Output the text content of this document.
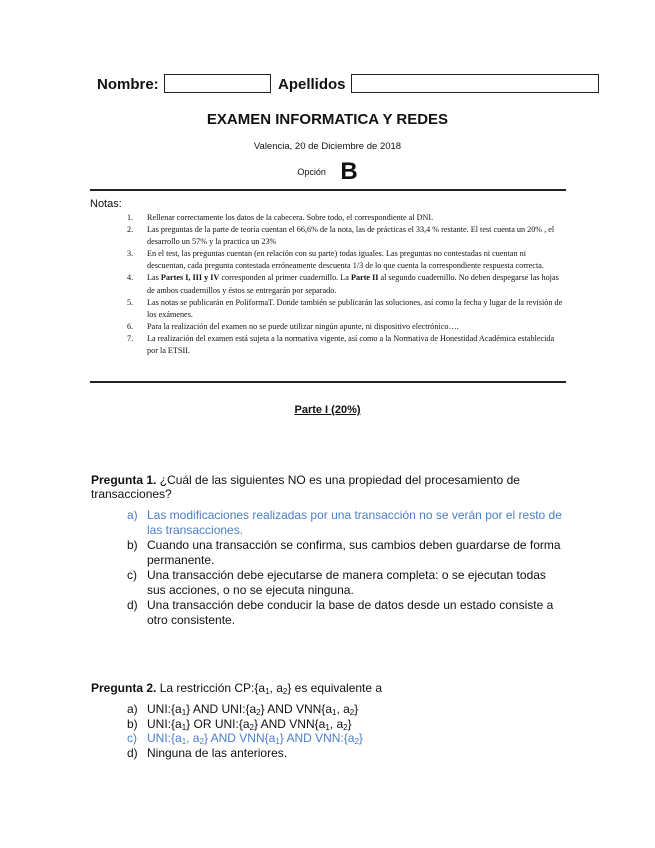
Nombre:	Apellidos
EXAMEN INFORMATICA Y REDES
Valencia, 20 de Diciembre de 2018
Opción B
Notas:
1. Rellenar correctamente los datos de la cabecera. Sobre todo, el correspondiente al DNI.
2. Las preguntas de la parte de teoría cuentan el 66,6% de la nota, las de prácticas el 33,4 % restante. El test cuenta un 20% , el desarrollo un 57% y la practica un 23%
3. En el test, las preguntas cuentan (en relación con su parte) todas iguales. Las preguntas no contestadas ni cuentan ni descuentan, cada pregunta contestada erróneamente descuenta 1/3 de lo que cuenta la correspondiente respuesta correcta.
4. Las Partes I, III y IV corresponden al primer cuadernillo. La Parte II al segundo cuadernillo. No deben despegarse las hojas de ambos cuadernillos y éstos se entregarán por separado.
5. Las notas se publicarán en PoliformaT. Donde también se publicarán las soluciones, así como la fecha y lugar de la revisión de los exámenes.
6. Para la realización del examen no se puede utilizar ningún apunte, ni dispositivo electrónico….
7. La realización del examen está sujeta a la normativa vigente, así como a la Normativa de Honestidad Académica establecida por la ETSII.
Parte I (20%)
Pregunta 1. ¿Cuál de las siguientes NO es una propiedad del procesamiento de transacciones?
a) Las modificaciones realizadas por una transacción no se verán por el resto de las transacciones.
b) Cuando una transacción se confirma, sus cambios deben guardarse de forma permanente.
c) Una transacción debe ejecutarse de manera completa: o se ejecutan todas sus acciones, o no se ejecuta ninguna.
d) Una transacción debe conducir la base de datos desde un estado consiste a otro consistente.
Pregunta 2. La restricción $CP:\{a_1$, $a_2$} es equivalente a
a) $UNI:\{a_1\}$ AND $UNI:\{a_2\}$ AND $VNN\{a_1$, $a_2$}
b) $UNI:\{a_1\}$ OR $UNI:\{a_2\}$ AND $VNN\{a_1$, $a_2$}
c) $UNI:\{a_1$, $a_2$} AND $VNN\{a_1\}$ AND $VNN:\{a_2\}$
d) Ninguna de las anteriores.
